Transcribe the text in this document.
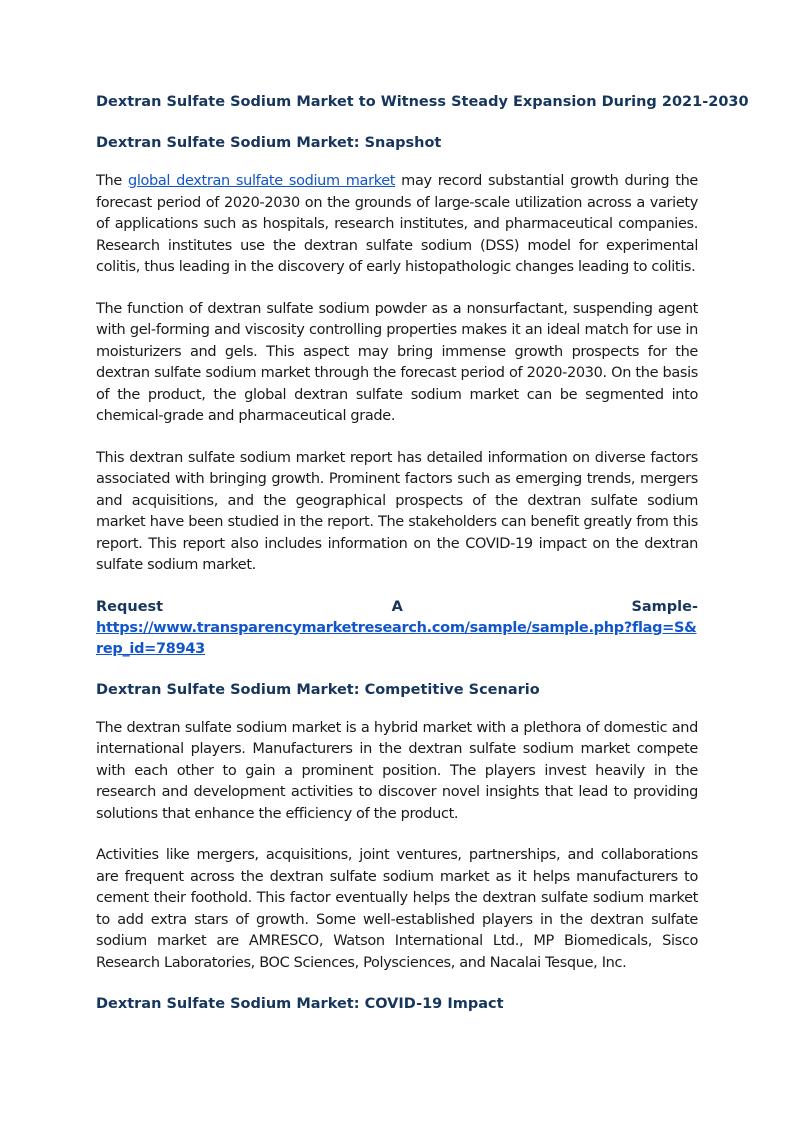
Dextran Sulfate Sodium Market to Witness Steady Expansion During 2021-2030
Dextran Sulfate Sodium Market: Snapshot

The global dextran sulfate sodium market may record substantial growth during the forecast period of 2020-2030 on the grounds of large-scale utilization across a variety of applications such as hospitals, research institutes, and pharmaceutical companies. Research institutes use the dextran sulfate sodium (DSS) model for experimental colitis, thus leading in the discovery of early histopathologic changes leading to colitis.

The function of dextran sulfate sodium powder as a nonsurfactant, suspending agent with gel-forming and viscosity controlling properties makes it an ideal match for use in moisturizers and gels. This aspect may bring immense growth prospects for the dextran sulfate sodium market through the forecast period of 2020-2030. On the basis of the product, the global dextran sulfate sodium market can be segmented into chemical-grade and pharmaceutical grade.

This dextran sulfate sodium market report has detailed information on diverse factors associated with bringing growth. Prominent factors such as emerging trends, mergers and acquisitions, and the geographical prospects of the dextran sulfate sodium market have been studied in the report. The stakeholders can benefit greatly from this report. This report also includes information on the COVID-19 impact on the dextran sulfate sodium market.

Request	A	Sample-
https://www.transparencymarketresearch.com/sample/sample.php?flag=S&rep_id=78943
Dextran Sulfate Sodium Market: Competitive Scenario

The dextran sulfate sodium market is a hybrid market with a plethora of domestic and international players. Manufacturers in the dextran sulfate sodium market compete with each other to gain a prominent position. The players invest heavily in the research and development activities to discover novel insights that lead to providing solutions that enhance the efficiency of the product.

Activities like mergers, acquisitions, joint ventures, partnerships, and collaborations are frequent across the dextran sulfate sodium market as it helps manufacturers to cement their foothold. This factor eventually helps the dextran sulfate sodium market to add extra stars of growth. Some well-established players in the dextran sulfate sodium market are AMRESCO, Watson International Ltd., MP Biomedicals, Sisco Research Laboratories, BOC Sciences, Polysciences, and Nacalai Tesque, Inc.

Dextran Sulfate Sodium Market: COVID-19 Impact
